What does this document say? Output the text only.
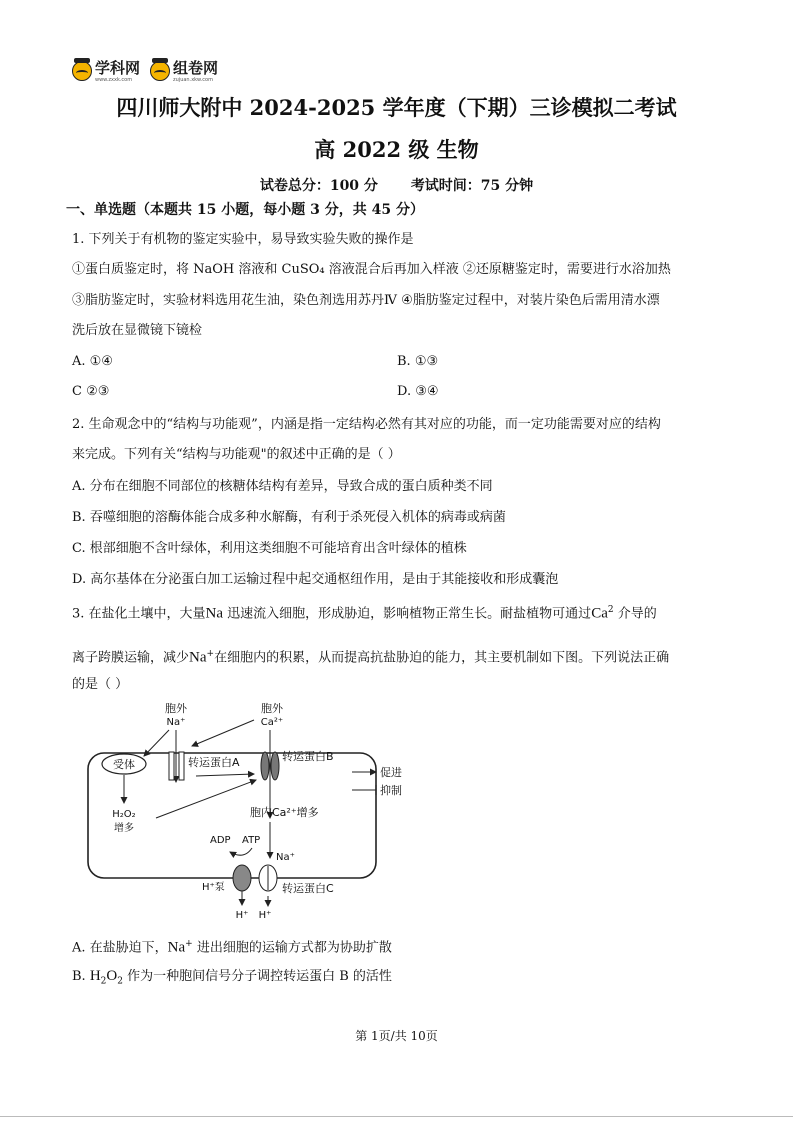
学科网
www.zxxk.com
组卷网
zujuan.xkw.com
四川师大附中 2024-2025 学年度（下期）三诊模拟二考试
高 2022 级 生物
试卷总分：100 分 考试时间：75 分钟
一、单选题（本题共 15 小题，每小题 3 分，共 45 分）
1. 下列关于有机物的鉴定实验中，易导致实验失败的操作是
①蛋白质鉴定时，将 NaOH 溶液和 CuSO₄ 溶液混合后再加入样液 ②还原糖鉴定时，需要进行水浴加热
③脂肪鉴定时，实验材料选用花生油，染色剂选用苏丹Ⅳ ④脂肪鉴定过程中，对装片染色后需用清水漂
洗后放在显微镜下镜检
A. ①④	B. ①③
C ②③	D. ③④
2. 生命观念中的“结构与功能观”，内涵是指一定结构必然有其对应的功能，而一定功能需要对应的结构
来完成。下列有关“结构与功能观"的叙述中正确的是（ ）
A. 分布在细胞不同部位的核糖体结构有差异，导致合成的蛋白质种类不同
B. 吞噬细胞的溶酶体能合成多种水解酶，有利于杀死侵入机体的病毒或病菌
C. 根部细胞不含叶绿体，利用这类细胞不可能培育出含叶绿体的植株
D. 高尔基体在分泌蛋白加工运输过程中起交通枢纽作用，是由于其能接收和形成囊泡
3. 在盐化土壤中，大量Na 迅速流入细胞，形成胁迫，影响植物正常生长。耐盐植物可通过Ca$^2$ 介导的
离子跨膜运输，减少Na+在细胞内的积累，从而提高抗盐胁迫的能力，其主要机制如下图。下列说法正确
的是（ ）
受体
胞外
Na⁺
转运蛋白A
胞外
Ca²⁺
转运蛋白B
H₂O₂
增多
促进
抑制
胞内Ca²⁺增多
ADP ATP
H⁺泵
H⁺
Na⁺
H⁺
转运蛋白C
A. 在盐胁迫下，Na+ 进出细胞的运输方式都为协助扩散
B. $H_2O_2$ 作为一种胞间信号分子调控转运蛋白 B 的活性
第 1页/共 10页
